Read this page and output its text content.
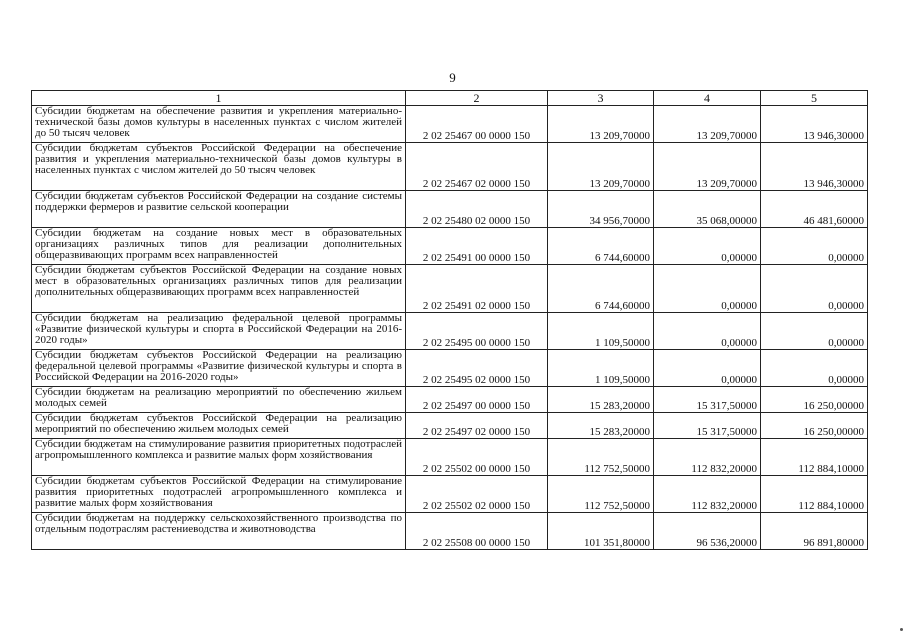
9
1	2	3	4	5
Субсидии бюджетам на обеспечение развития и укрепления материально-технической базы домов культуры в населенных пунктах с числом жителей до 50 тысяч человек	2 02 25467 00 0000 150	13 209,70000	13 209,70000	13 946,30000
Субсидии бюджетам субъектов Российской Федерации на обеспечение развития и укрепления материально-технической базы домов культуры в населенных пунктах с числом жителей до 50 тысяч человек	2 02 25467 02 0000 150	13 209,70000	13 209,70000	13 946,30000
Субсидии бюджетам субъектов Российской Федерации на создание системы поддержки фермеров и развитие сельской кооперации	2 02 25480 02 0000 150	34 956,70000	35 068,00000	46 481,60000
Субсидии бюджетам на создание новых мест в образовательных организациях различных типов для реализации дополнительных общеразвивающих программ всех направленностей	2 02 25491 00 0000 150	6 744,60000	0,00000	0,00000
Субсидии бюджетам субъектов Российской Федерации на создание новых мест в образовательных организациях различных типов для реализации дополнительных общеразвивающих программ всех направленностей	2 02 25491 02 0000 150	6 744,60000	0,00000	0,00000
Субсидии бюджетам на реализацию федеральной целевой программы «Развитие физической культуры и спорта в Российской Федерации на 2016-2020 годы»	2 02 25495 00 0000 150	1 109,50000	0,00000	0,00000
Субсидии бюджетам субъектов Российской Федерации на реализацию федеральной целевой программы «Развитие физической культуры и спорта в Российской Федерации на 2016-2020 годы»	2 02 25495 02 0000 150	1 109,50000	0,00000	0,00000
Субсидии бюджетам на реализацию мероприятий по обеспечению жильем молодых семей	2 02 25497 00 0000 150	15 283,20000	15 317,50000	16 250,00000
Субсидии бюджетам субъектов Российской Федерации на реализацию мероприятий по обеспечению жильем молодых семей	2 02 25497 02 0000 150	15 283,20000	15 317,50000	16 250,00000
Субсидии бюджетам на стимулирование развития приоритетных подотраслей агропромышленного комплекса и развитие малых форм хозяйствования	2 02 25502 00 0000 150	112 752,50000	112 832,20000	112 884,10000
Субсидии бюджетам субъектов Российской Федерации на стимулирование развития приоритетных подотраслей агропромышленного комплекса и развитие малых форм хозяйствования	2 02 25502 02 0000 150	112 752,50000	112 832,20000	112 884,10000
Субсидии бюджетам на поддержку сельскохозяйственного производства по отдельным подотраслям растениеводства и животноводства	2 02 25508 00 0000 150	101 351,80000	96 536,20000	96 891,80000
